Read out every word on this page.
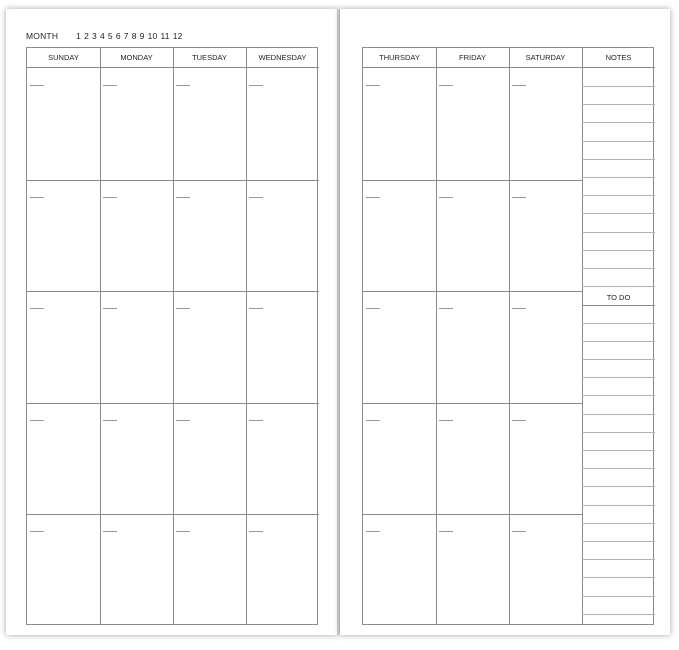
MONTH 1 2 3 4 5 6 7 8 9 10 11 12
SUNDAY	MONDAY	TUESDAY	WEDNESDAY	THURSDAY	FRIDAY	SATURDAY	NOTES
TO DO
